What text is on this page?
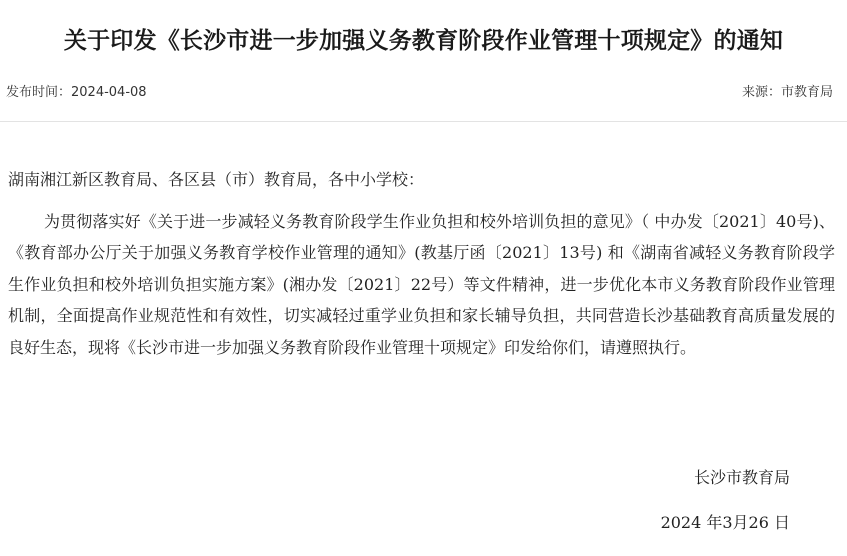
关于印发《长沙市进一步加强义务教育阶段作业管理十项规定》的通知
发布时间：2024-04-08	来源：市教育局

湖南湘江新区教育局、各区县（市）教育局，各中小学校：

为贯彻落实好《关于进一步减轻义务教育阶段学生作业负担和校外培训负担的意见》（ 中办发〔2021〕40号)、《教育部办公厅关于加强义务教育学校作业管理的通知》(教基厅函〔2021〕13号) 和《湖南省减轻义务教育阶段学生作业负担和校外培训负担实施方案》(湘办发〔2021〕22号）等文件精神，进一步优化本市义务教育阶段作业管理机制，全面提高作业规范性和有效性，切实减轻过重学业负担和家长辅导负担，共同营造长沙基础教育高质量发展的良好生态，现将《长沙市进一步加强义务教育阶段作业管理十项规定》印发给你们，请遵照执行。

长沙市教育局
2024 年3月26 日
